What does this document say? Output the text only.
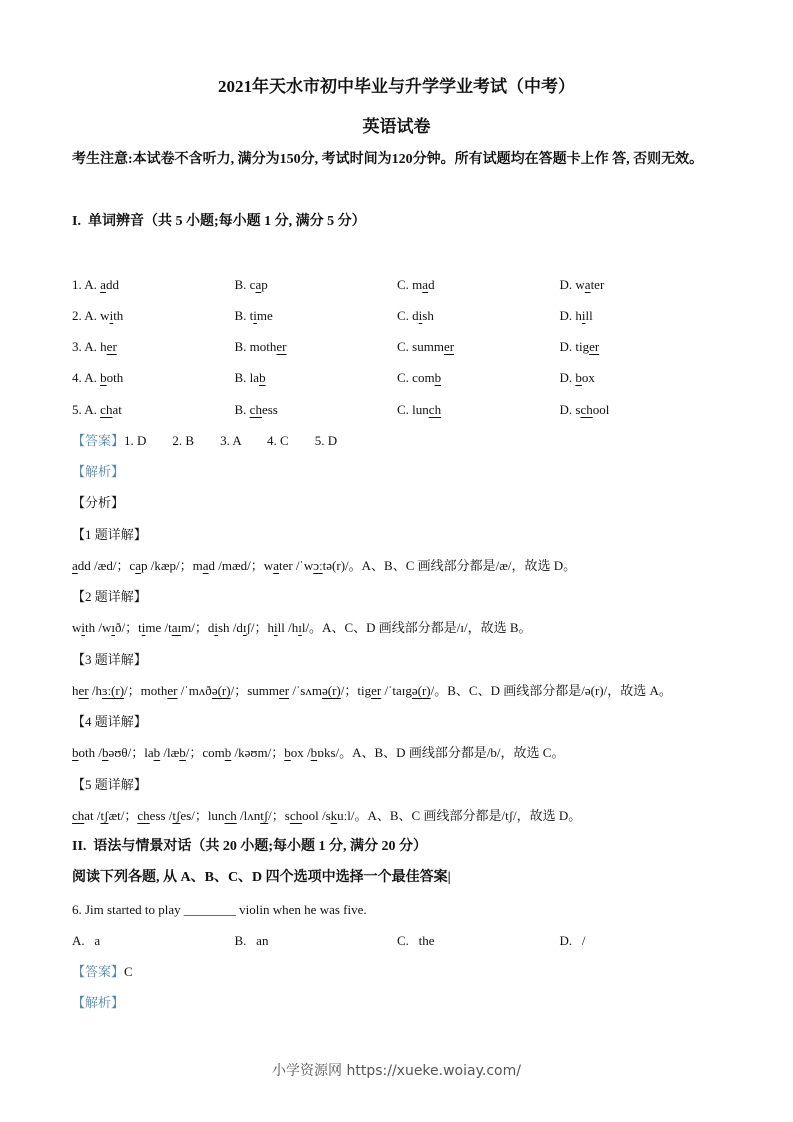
2021年天水市初中毕业与升学学业考试（中考）
英语试卷
考生注意:本试卷不含听力, 满分为150分, 考试时间为120分钟。所有试题均在答题卡上作 答, 否则无效。
I.  单词辨音（共 5 小题;每小题 1 分, 满分 5 分）
1. A. add	B. cap	C. mad	D. water
2. A. with	B. time	C. dish	D. hill
3. A. her	B. mother	C. summer	D. tiger
4. A. both	B. lab	C. comb	D. box
5. A. chat	B. chess	C. lunch	D. school
【答案】1. D        2. B        3. A        4. C        5. D
【解析】
【分析】
【1 题详解】
add /æd/；cap /kæp/；mad /mæd/；water /ˈwɔːtə(r)/。A、B、C 画线部分都是/æ/，故选 D。
【2 题详解】
with /wɪð/；time /taɪm/；dish /dɪʃ/；hill /hɪl/。A、C、D 画线部分都是/ɪ/，故选 B。
【3 题详解】
her /hɜː(r)/；mother /ˈmʌðə(r)/；summer /ˈsʌmə(r)/；tiger /ˈtaɪgə(r)/。B、C、D 画线部分都是/ə(r)/，故选 A。
【4 题详解】
both /bəʊθ/；lab /læb/；comb /kəʊm/；box /bɒks/。A、B、D 画线部分都是/b/，故选 C。
【5 题详解】
chat /tʃæt/；chess /tʃes/；lunch /lʌntʃ/；school /skuːl/。A、B、C 画线部分都是/tʃ/，故选 D。
II.  语法与情景对话（共 20 小题;每小题 1 分, 满分 20 分）
阅读下列各题, 从 A、B、C、D 四个选项中选择一个最佳答案|
6. Jim started to play ________ violin when he was five.
A.   a	B.   an	C.   the	D.   /
【答案】C
【解析】
小学资源网 https://xueke.woiay.com/
